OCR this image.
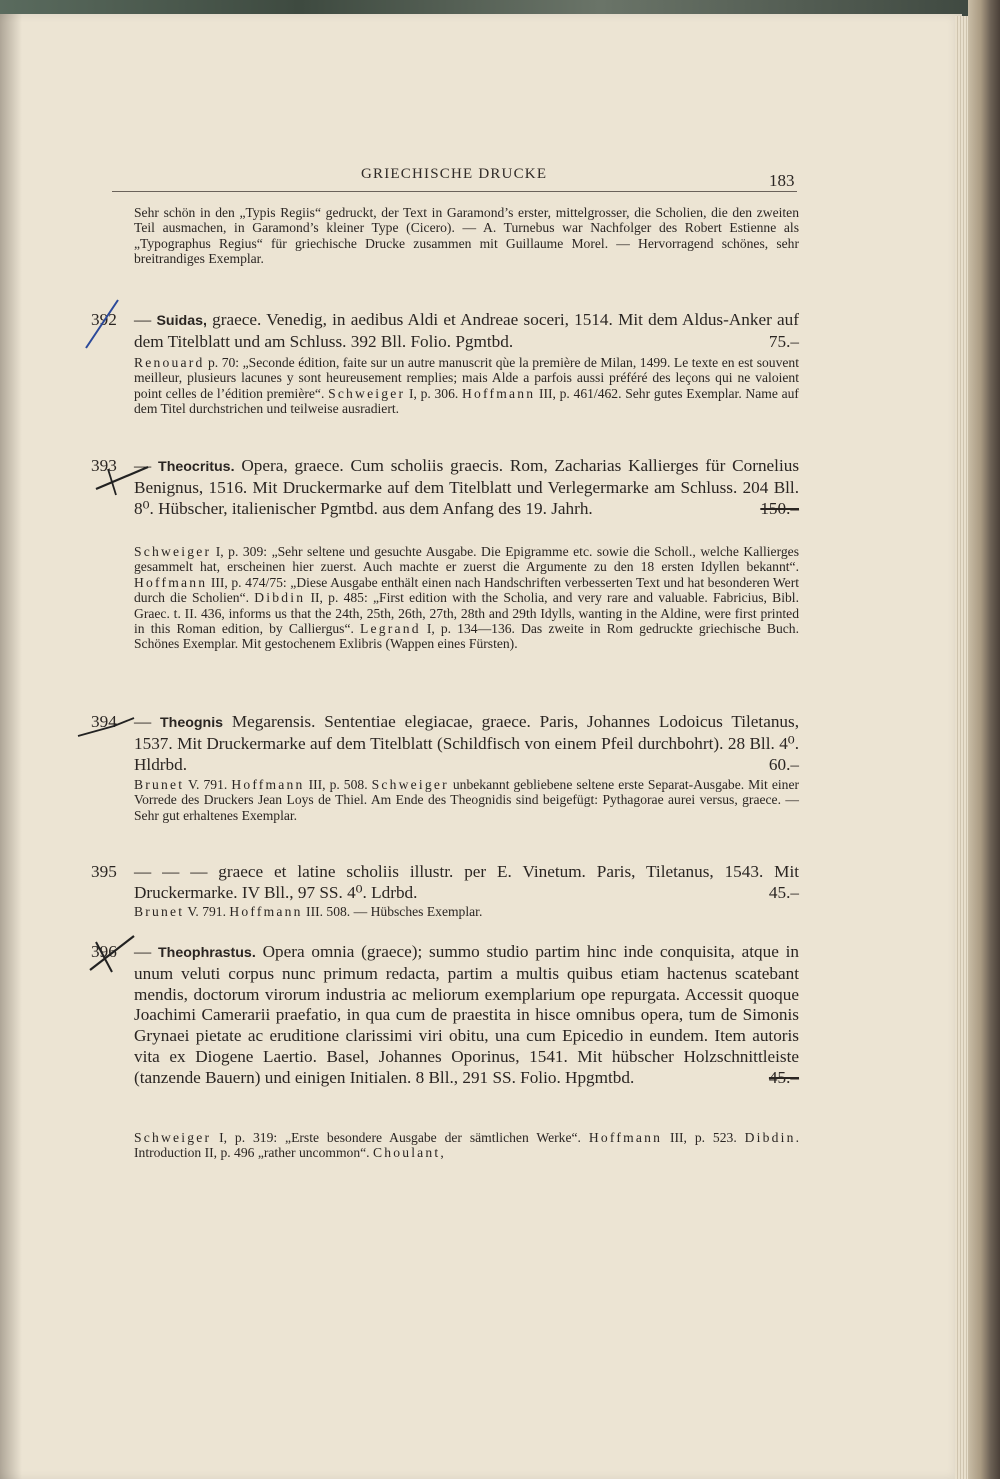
GRIECHISCHE DRUCKE	183
Sehr schön in den „Typis Regiis“ gedruckt, der Text in Garamond’s erster, mittelgrosser, die Scholien, die den zweiten Teil ausmachen, in Garamond’s kleiner Type (Cicero). — A. Turnebus war Nachfolger des Robert Estienne als „Typographus Regius“ für griechische Drucke zusammen mit Guillaume Morel. — Hervorragend schönes, sehr breitrandiges Exemplar.
392 — Suidas, graece. Venedig, in aedibus Aldi et Andreae soceri, 1514. Mit dem Aldus-Anker auf dem Titelblatt und am Schluss. 392 Bll. Folio. Pgmtbd.	75.–
Renouard p. 70: „Seconde édition, faite sur un autre manuscrit qùe la première de Milan, 1499. Le texte en est souvent meilleur, plusieurs lacunes y sont heureusement remplies; mais Alde a parfois aussi préféré des leçons qui ne valoient point celles de l’édition première“. Schweiger I, p. 306. Hoffmann III, p. 461/462. Sehr gutes Exemplar. Name auf dem Titel durchstrichen und teilweise ausradiert.
393 — Theocritus. Opera, graece. Cum scholiis graecis. Rom, Zacharias Kallierges für Cornelius Benignus, 1516. Mit Druckermarke auf dem Titelblatt und Verlegermarke am Schluss. 204 Bll. 8⁰. Hübscher, italienischer Pgmtbd. aus dem Anfang des 19. Jahrh.	150.–
Schweiger I, p. 309: „Sehr seltene und gesuchte Ausgabe. Die Epigramme etc. sowie die Scholl., welche Kallierges gesammelt hat, erscheinen hier zuerst. Auch machte er zuerst die Argumente zu den 18 ersten Idyllen bekannt“. Hoffmann III, p. 474/75: „Diese Ausgabe enthält einen nach Handschriften verbesserten Text und hat besonderen Wert durch die Scholien“. Dibdin II, p. 485: „First edition with the Scholia, and very rare and valuable. Fabricius, Bibl. Graec. t. II. 436, informs us that the 24th, 25th, 26th, 27th, 28th and 29th Idylls, wanting in the Aldine, were first printed in this Roman edition, by Calliergus“. Legrand I, p. 134—136. Das zweite in Rom gedruckte griechische Buch. Schönes Exemplar. Mit gestochenem Exlibris (Wappen eines Fürsten).
394 — Theognis Megarensis. Sententiae elegiacae, graece. Paris, Johannes Lodoicus Tiletanus, 1537. Mit Druckermarke auf dem Titelblatt (Schildfisch von einem Pfeil durchbohrt). 28 Bll. 4⁰. Hldrbd.	60.–
Brunet V. 791. Hoffmann III, p. 508. Schweiger unbekannt gebliebene seltene erste Separat-Ausgabe. Mit einer Vorrede des Druckers Jean Loys de Thiel. Am Ende des Theognidis sind beigefügt: Pythagorae aurei versus, graece. — Sehr gut erhaltenes Exemplar.
395 — — — graece et latine scholiis illustr. per E. Vinetum. Paris, Tiletanus, 1543. Mit Druckermarke. IV Bll., 97 SS. 4⁰. Ldrbd.	45.–
Brunet V. 791. Hoffmann III. 508. — Hübsches Exemplar.
396 — Theophrastus. Opera omnia (graece); summo studio partim hinc inde conquisita, atque in unum veluti corpus nunc primum redacta, partim a multis quibus etiam hactenus scatebant mendis, doctorum virorum industria ac meliorum exemplarium ope repurgata. Accessit quoque Joachimi Camerarii praefatio, in qua cum de praestita in hisce omnibus opera, tum de Simonis Grynaei pietate ac eruditione clarissimi viri obitu, una cum Epicedio in eundem. Item autoris vita ex Diogene Laertio. Basel, Johannes Oporinus, 1541. Mit hübscher Holzschnittleiste (tanzende Bauern) und einigen Initialen. 8 Bll., 291 SS. Folio. Hpgmtbd.	45.–
Schweiger I, p. 319: „Erste besondere Ausgabe der sämtlichen Werke“. Hoffmann III, p. 523. Dibdin. Introduction II, p. 496 „rather uncommon“. Choulant,
